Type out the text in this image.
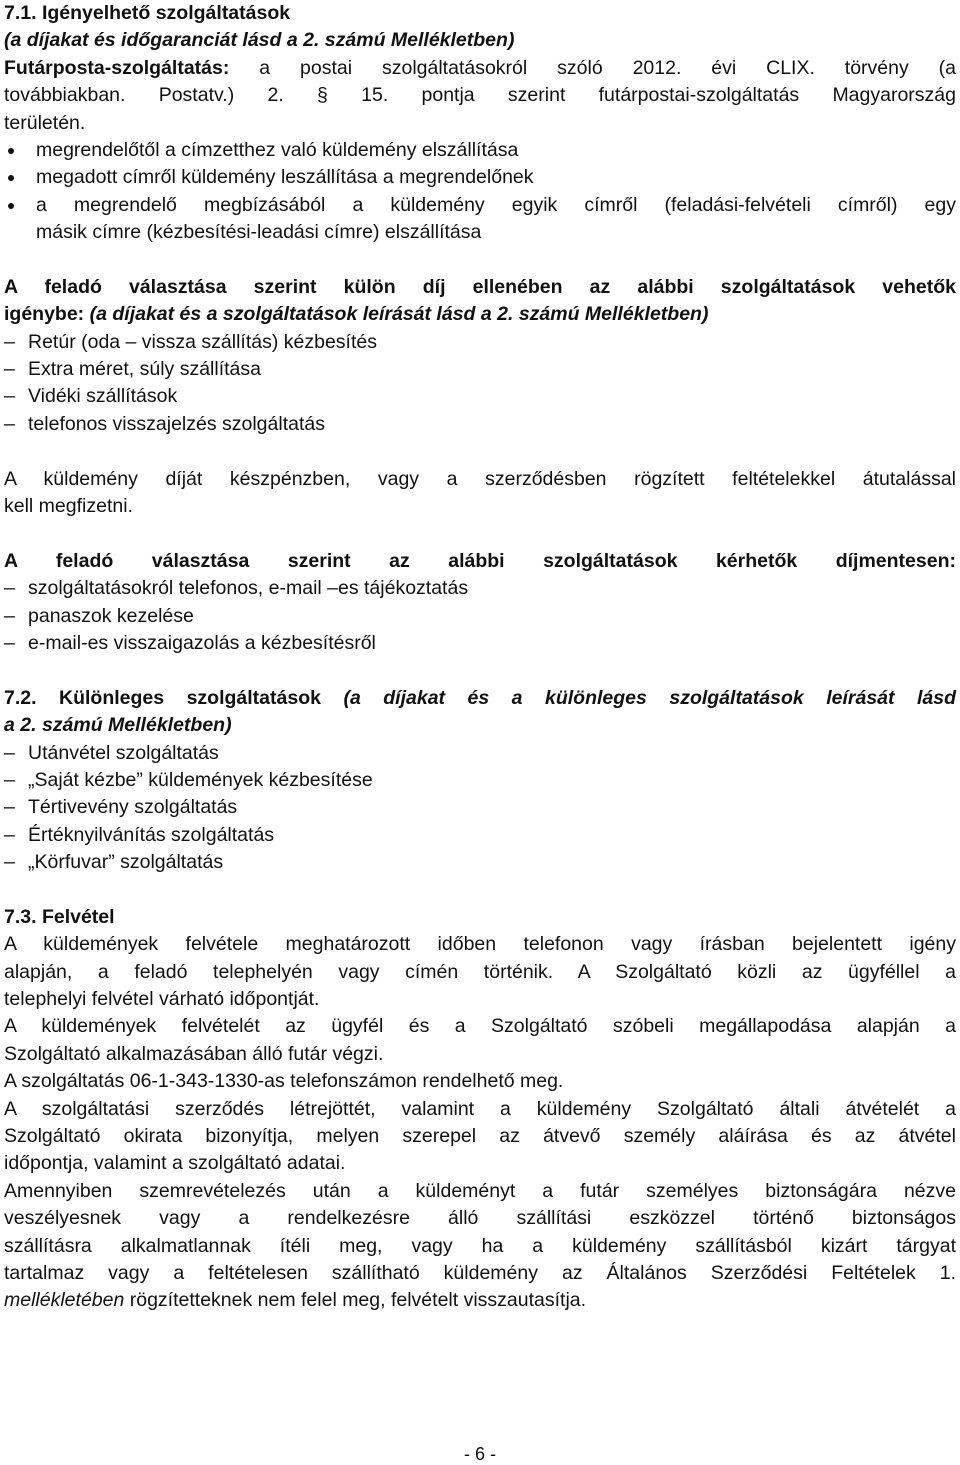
7.1. Igényelhető szolgáltatások
(a díjakat és időgaranciát lásd a 2. számú Mellékletben)
Futárposta-szolgáltatás: a postai szolgáltatásokról szóló 2012. évi CLIX. törvény (a
továbbiakban. Postatv.) 2. § 15. pontja szerint futárpostai-szolgáltatás Magyarország
területén.
megrendelőtől a címzetthez való küldemény elszállítása
megadott címről küldemény leszállítása a megrendelőnek
a megrendelő megbízásából a küldemény egyik címről (feladási-felvételi címről) egy
másik címre (kézbesítési-leadási címre) elszállítása
A feladó választása szerint külön díj ellenében az alábbi szolgáltatások vehetők
igénybe: (a díjakat és a szolgáltatások leírását lásd a 2. számú Mellékletben)
–Retúr (oda – vissza szállítás) kézbesítés
–Extra méret, súly szállítása
–Vidéki szállítások
–telefonos visszajelzés szolgáltatás
A küldemény díját készpénzben, vagy a szerződésben rögzített feltételekkel átutalással
kell megfizetni.
A feladó választása szerint az alábbi szolgáltatások kérhetők díjmentesen:
–szolgáltatásokról telefonos, e-mail –es tájékoztatás
–panaszok kezelése
–e-mail-es visszaigazolás a kézbesítésről
7.2. Különleges szolgáltatások (a díjakat és a különleges szolgáltatások leírását lásd
a 2. számú Mellékletben)
–Utánvétel szolgáltatás
–„Saját kézbe” küldemények kézbesítése
–Tértivevény szolgáltatás
–Értéknyilvánítás szolgáltatás
–„Körfuvar” szolgáltatás
7.3. Felvétel
A küldemények felvétele meghatározott időben telefonon vagy írásban bejelentett igény
alapján, a feladó telephelyén vagy címén történik. A Szolgáltató közli az ügyféllel a
telephelyi felvétel várható időpontját.
A küldemények felvételét az ügyfél és a Szolgáltató szóbeli megállapodása alapján a
Szolgáltató alkalmazásában álló futár végzi.
A szolgáltatás 06-1-343-1330-as telefonszámon rendelhető meg.
A szolgáltatási szerződés létrejöttét, valamint a küldemény Szolgáltató általi átvételét a
Szolgáltató okirata bizonyítja, melyen szerepel az átvevő személy aláírása és az átvétel
időpontja, valamint a szolgáltató adatai.
Amennyiben szemrevételezés után a küldeményt a futár személyes biztonságára nézve
veszélyesnek vagy a rendelkezésre álló szállítási eszközzel történő biztonságos
szállításra alkalmatlannak ítéli meg, vagy ha a küldemény szállításból kizárt tárgyat
tartalmaz vagy a feltételesen szállítható küldemény az Általános Szerződési Feltételek 1.
mellékletében rögzítetteknek nem felel meg, felvételt visszautasítja.
- 6 -
